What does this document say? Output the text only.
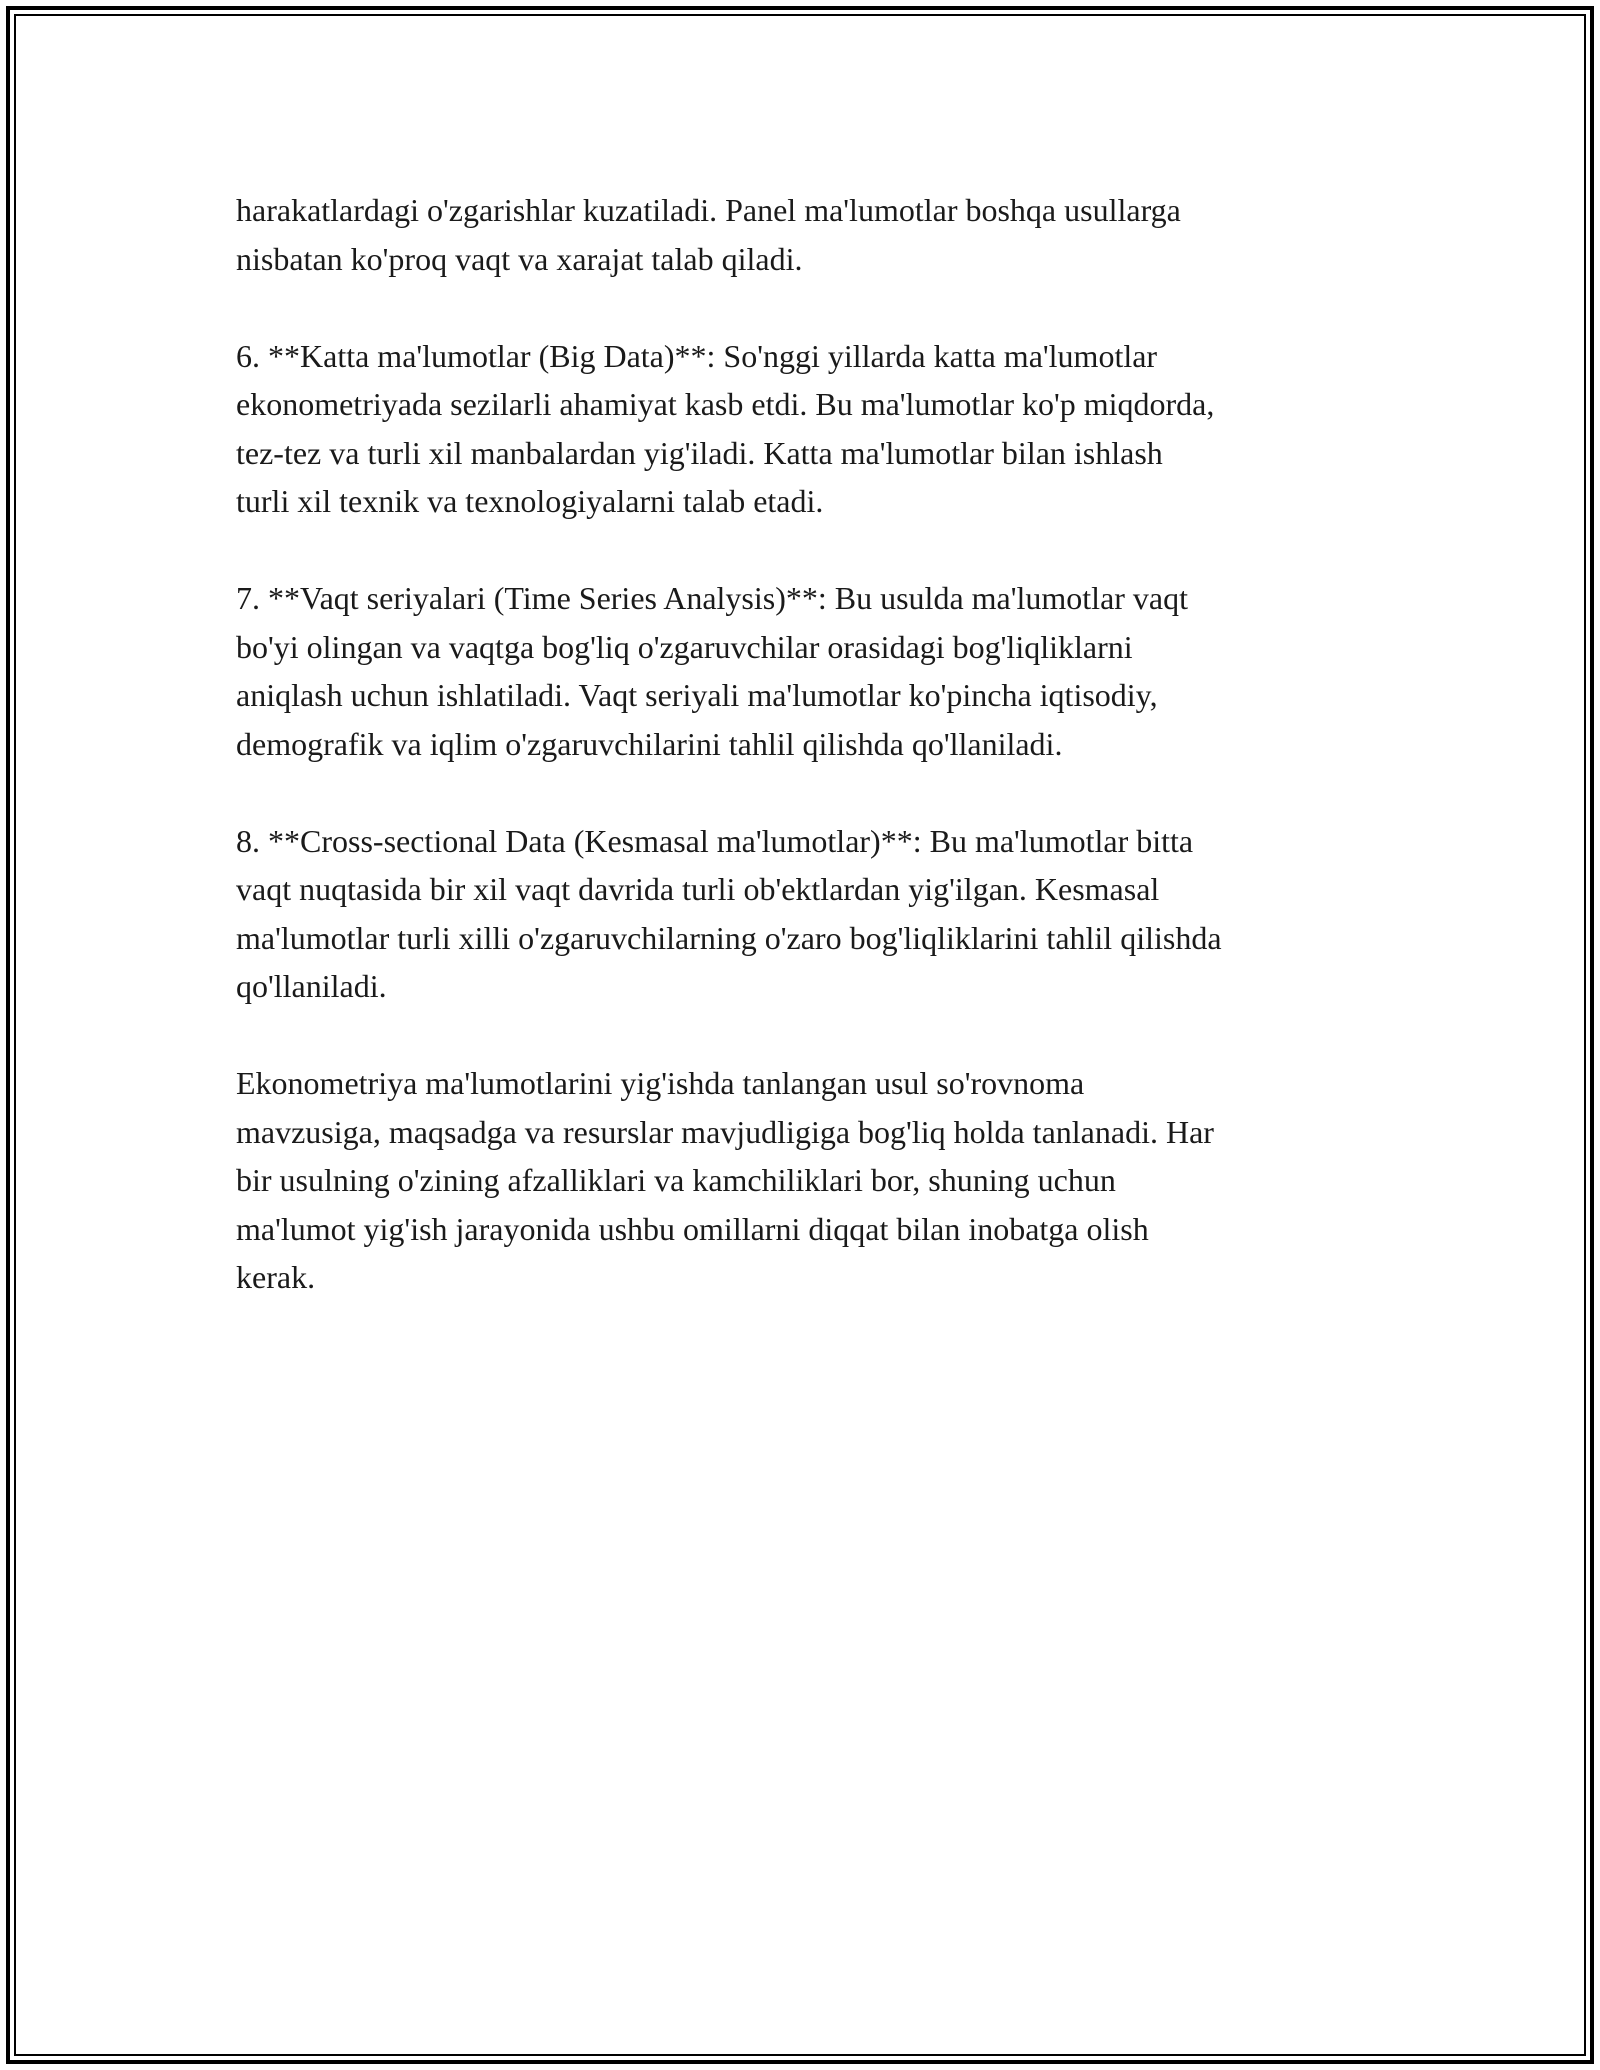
harakatlardagi o'zgarishlar kuzatiladi. Panel ma'lumotlar boshqa usullarga
nisbatan ko'proq vaqt va xarajat talab qiladi.

6. **Katta ma'lumotlar (Big Data)**: So'nggi yillarda katta ma'lumotlar
ekonometriyada sezilarli ahamiyat kasb etdi. Bu ma'lumotlar ko'p miqdorda,
tez-tez va turli xil manbalardan yig'iladi. Katta ma'lumotlar bilan ishlash
turli xil texnik va texnologiyalarni talab etadi.

7. **Vaqt seriyalari (Time Series Analysis)**: Bu usulda ma'lumotlar vaqt
bo'yi olingan va vaqtga bog'liq o'zgaruvchilar orasidagi bog'liqliklarni
aniqlash uchun ishlatiladi. Vaqt seriyali ma'lumotlar ko'pincha iqtisodiy,
demografik va iqlim o'zgaruvchilarini tahlil qilishda qo'llaniladi.

8. **Cross-sectional Data (Kesmasal ma'lumotlar)**: Bu ma'lumotlar bitta
vaqt nuqtasida bir xil vaqt davrida turli ob'ektlardan yig'ilgan. Kesmasal
ma'lumotlar turli xilli o'zgaruvchilarning o'zaro bog'liqliklarini tahlil qilishda
qo'llaniladi.

Ekonometriya ma'lumotlarini yig'ishda tanlangan usul so'rovnoma
mavzusiga, maqsadga va resurslar mavjudligiga bog'liq holda tanlanadi. Har
bir usulning o'zining afzalliklari va kamchiliklari bor, shuning uchun
ma'lumot yig'ish jarayonida ushbu omillarni diqqat bilan inobatga olish
kerak.
